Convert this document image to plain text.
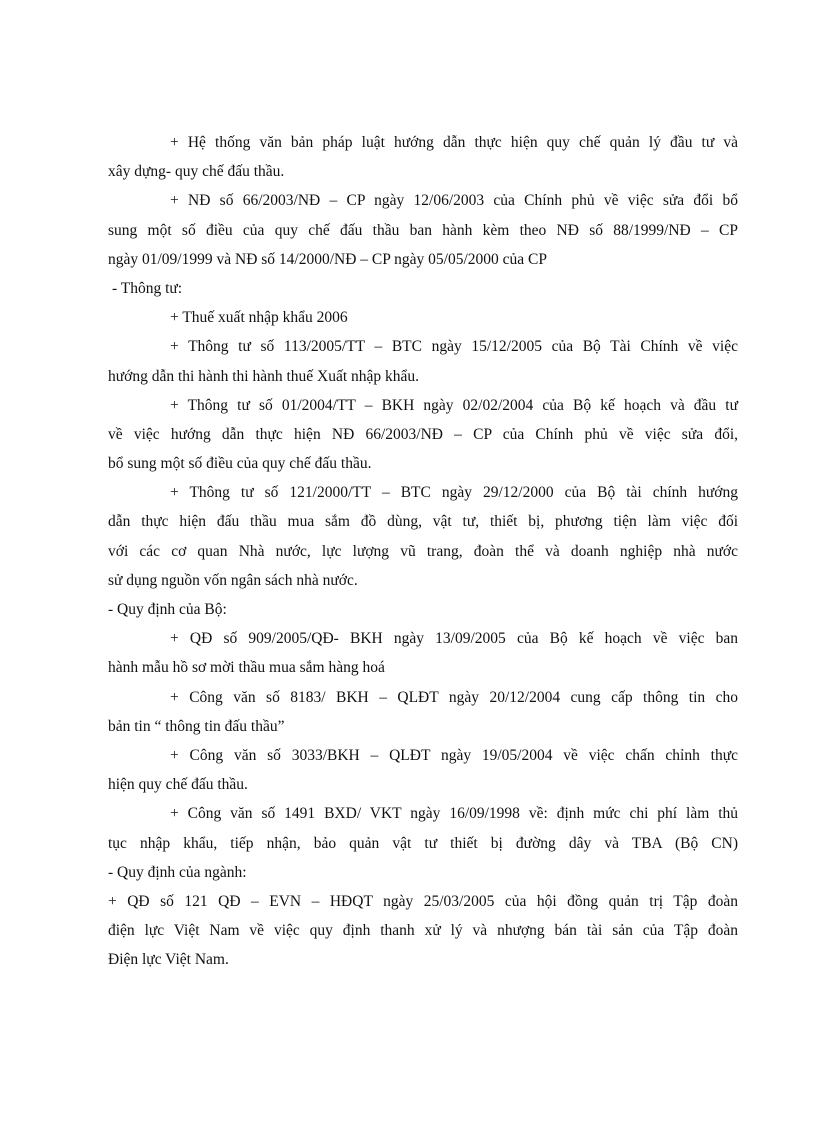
+ Hệ thống văn bản pháp luật hướng dẫn thực hiện quy chế quản lý đầu tư và
xây dựng- quy chế đấu thầu.
+ NĐ số 66/2003/NĐ – CP ngày 12/06/2003 của Chính phủ về việc sửa đổi bổ
sung một số điều của quy chế đấu thầu ban hành kèm theo NĐ số 88/1999/NĐ – CP
ngày 01/09/1999 và NĐ số 14/2000/NĐ – CP ngày 05/05/2000 của CP
- Thông tư:
+ Thuế xuất nhập khẩu 2006
+ Thông tư số 113/2005/TT – BTC ngày 15/12/2005 của Bộ Tài Chính về việc
hướng dẫn thi hành thi hành thuế Xuất nhập khẩu.
+ Thông tư số 01/2004/TT – BKH ngày 02/02/2004 của Bộ kế hoạch và đầu tư
về việc hướng dẫn thực hiện NĐ 66/2003/NĐ – CP của Chính phủ về việc sửa đổi,
bổ sung một số điều của quy chế đấu thầu.
+ Thông tư số 121/2000/TT – BTC ngày 29/12/2000 của Bộ tài chính hướng
dẫn thực hiện đấu thầu mua sắm đồ dùng, vật tư, thiết bị, phương tiện làm việc đối
với các cơ quan Nhà nước, lực lượng vũ trang, đoàn thể và doanh nghiệp nhà nước
sử dụng nguồn vốn ngân sách nhà nước.
- Quy định của Bộ:
+ QĐ số 909/2005/QĐ- BKH ngày 13/09/2005 của Bộ kế hoạch về việc ban
hành mẫu hồ sơ mời thầu mua sắm hàng hoá
+ Công văn số 8183/ BKH – QLĐT ngày 20/12/2004 cung cấp thông tin cho
bản tin “ thông tin đấu thầu”
+ Công văn số 3033/BKH – QLĐT ngày 19/05/2004 về việc chấn chỉnh thực
hiện quy chế đấu thầu.
+ Công văn số 1491 BXD/ VKT ngày 16/09/1998 về: định mức chi phí làm thủ
tục nhập khẩu, tiếp nhận, bảo quản vật tư thiết bị đường dây và TBA (Bộ CN)
- Quy định của ngành:
+ QĐ số 121 QĐ – EVN – HĐQT ngày 25/03/2005 của hội đồng quản trị Tập đoàn
điện lực Việt Nam về việc quy định thanh xử lý và nhượng bán tài sản của Tập đoàn
Điện lực Việt Nam.
